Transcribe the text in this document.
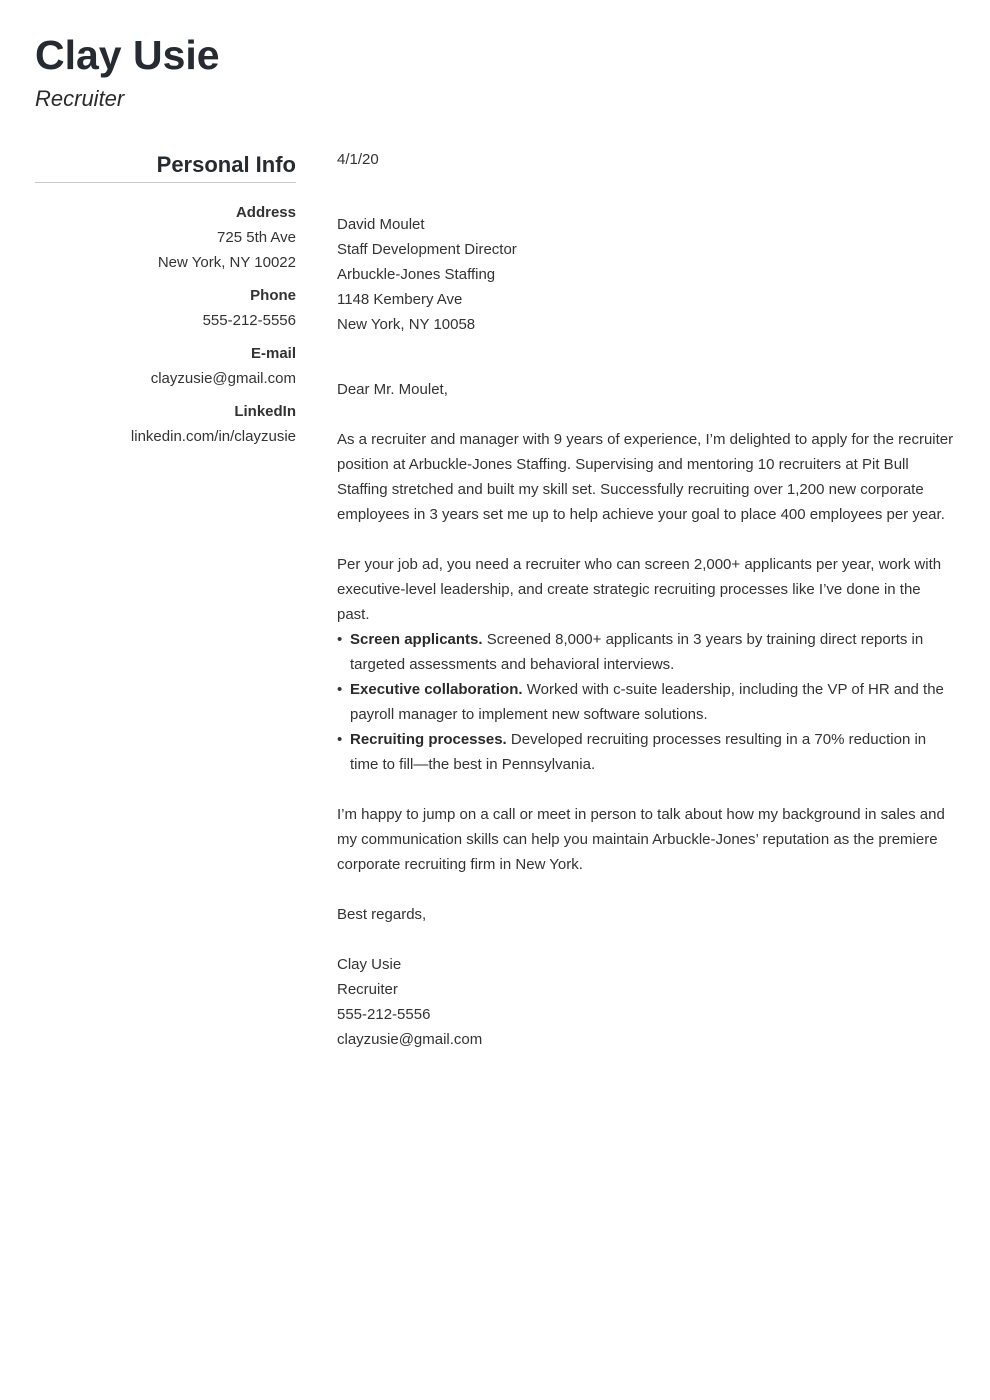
Clay Usie
Recruiter
Personal Info
Address
725 5th Ave
New York, NY 10022
Phone
555-212-5556
E-mail
clayzusie@gmail.com
LinkedIn
linkedin.com/in/clayzusie
4/1/20
David Moulet
Staff Development Director
Arbuckle-Jones Staffing
1148 Kembery Ave
New York, NY 10058
Dear Mr. Moulet,

As a recruiter and manager with 9 years of experience, I’m delighted to apply for the recruiter position at Arbuckle-Jones Staffing. Supervising and mentoring 10 recruiters at Pit Bull Staffing stretched and built my skill set. Successfully recruiting over 1,200 new corporate employees in 3 years set me up to help achieve your goal to place 400 employees per year.

Per your job ad, you need a recruiter who can screen 2,000+ applicants per year, work with executive-level leadership, and create strategic recruiting processes like I’ve done in the past.

• Screen applicants. Screened 8,000+ applicants in 3 years by training direct reports in targeted assessments and behavioral interviews.
• Executive collaboration. Worked with c-suite leadership, including the VP of HR and the payroll manager to implement new software solutions.
• Recruiting processes. Developed recruiting processes resulting in a 70% reduction in time to fill—the best in Pennsylvania.

I’m happy to jump on a call or meet in person to talk about how my background in sales and my communication skills can help you maintain Arbuckle-Jones’ reputation as the premiere corporate recruiting firm in New York.

Best regards,
Clay Usie
Recruiter
555-212-5556
clayzusie@gmail.com
